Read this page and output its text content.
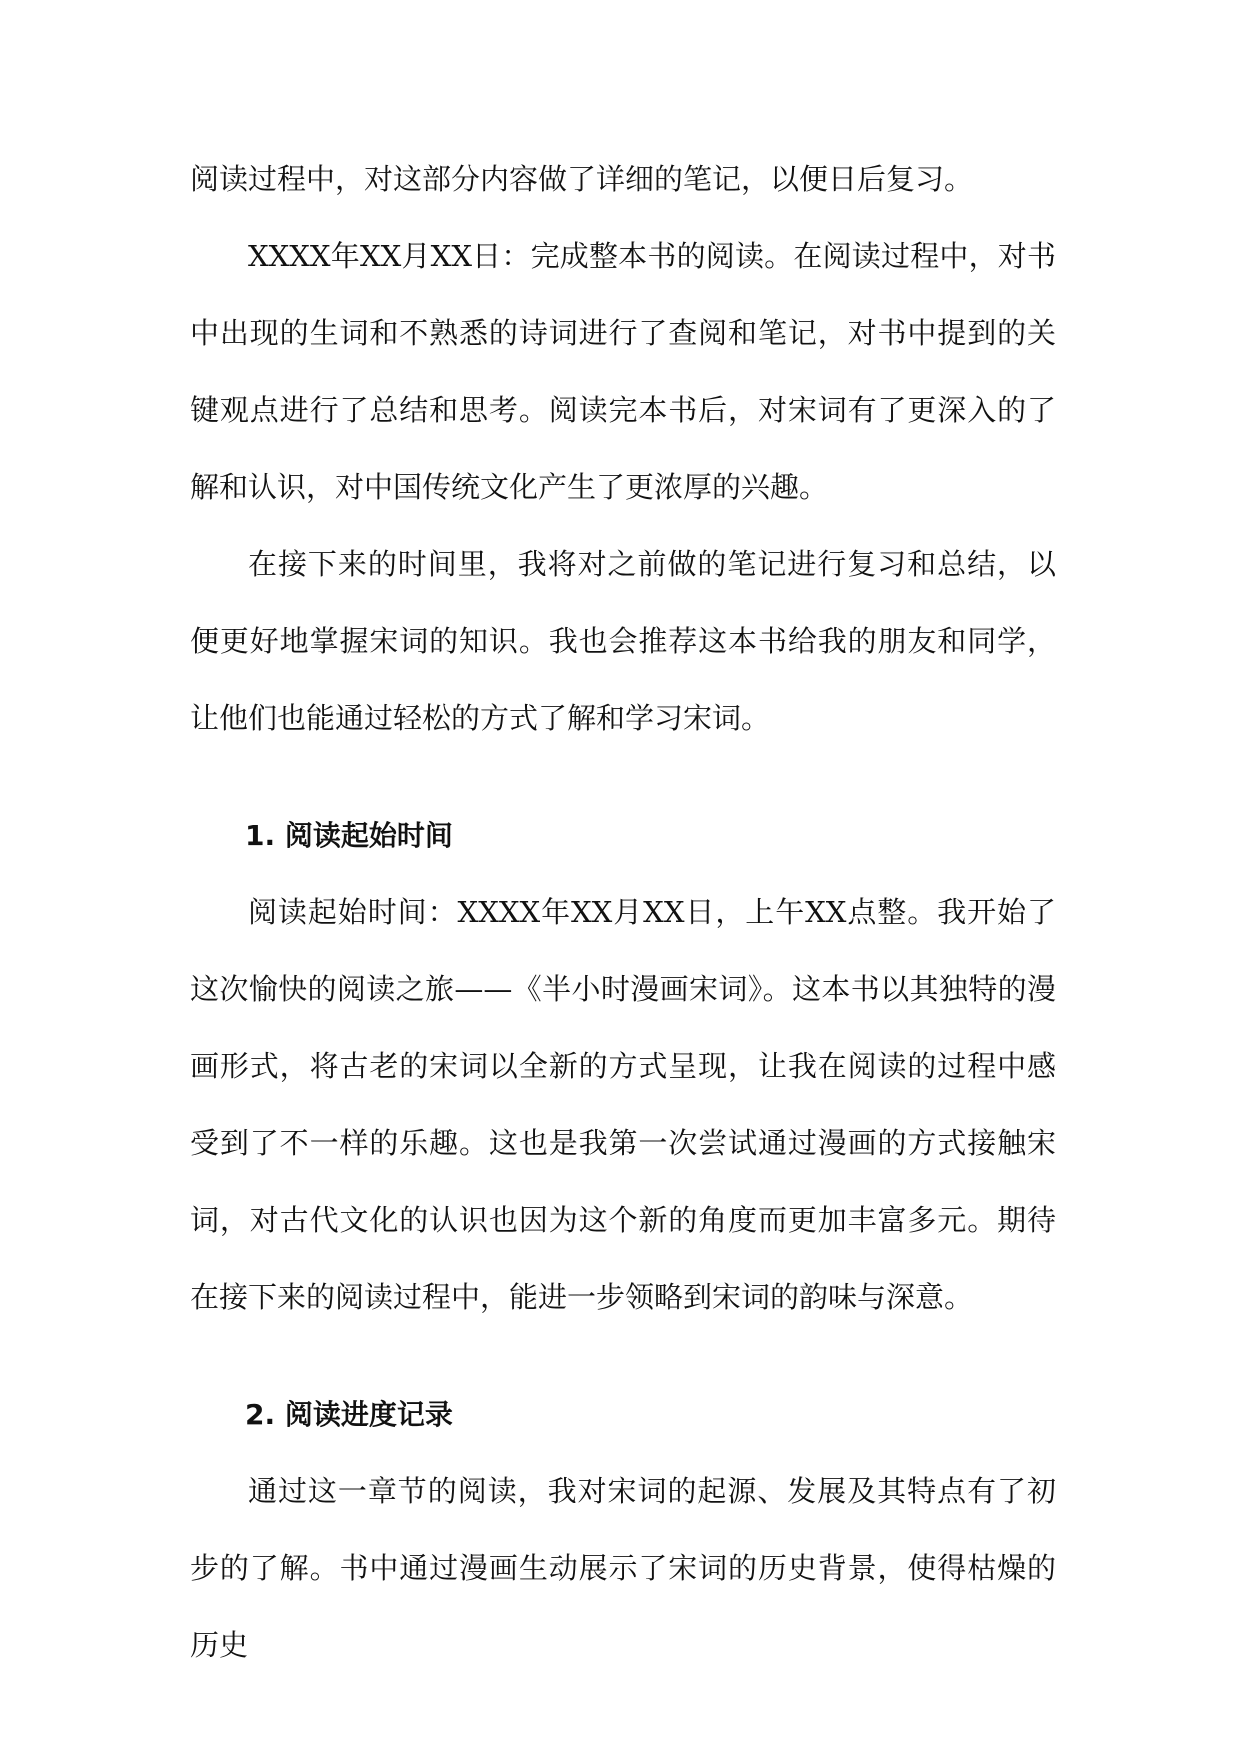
阅读过程中，对这部分内容做了详细的笔记，以便日后复习。

XXXX年XX月XX日：完成整本书的阅读。在阅读过程中，对书中出现的生词和不熟悉的诗词进行了查阅和笔记，对书中提到的关键观点进行了总结和思考。阅读完本书后，对宋词有了更深入的了解和认识，对中国传统文化产生了更浓厚的兴趣。

在接下来的时间里，我将对之前做的笔记进行复习和总结，以便更好地掌握宋词的知识。我也会推荐这本书给我的朋友和同学，让他们也能通过轻松的方式了解和学习宋词。

1. 阅读起始时间

阅读起始时间：XXXX年XX月XX日，上午XX点整。我开始了这次愉快的阅读之旅——《半小时漫画宋词》。这本书以其独特的漫画形式，将古老的宋词以全新的方式呈现，让我在阅读的过程中感受到了不一样的乐趣。这也是我第一次尝试通过漫画的方式接触宋词，对古代文化的认识也因为这个新的角度而更加丰富多元。期待在接下来的阅读过程中，能进一步领略到宋词的韵味与深意。

2. 阅读进度记录

通过这一章节的阅读，我对宋词的起源、发展及其特点有了初步的了解。书中通过漫画生动展示了宋词的历史背景，使得枯燥的历史
